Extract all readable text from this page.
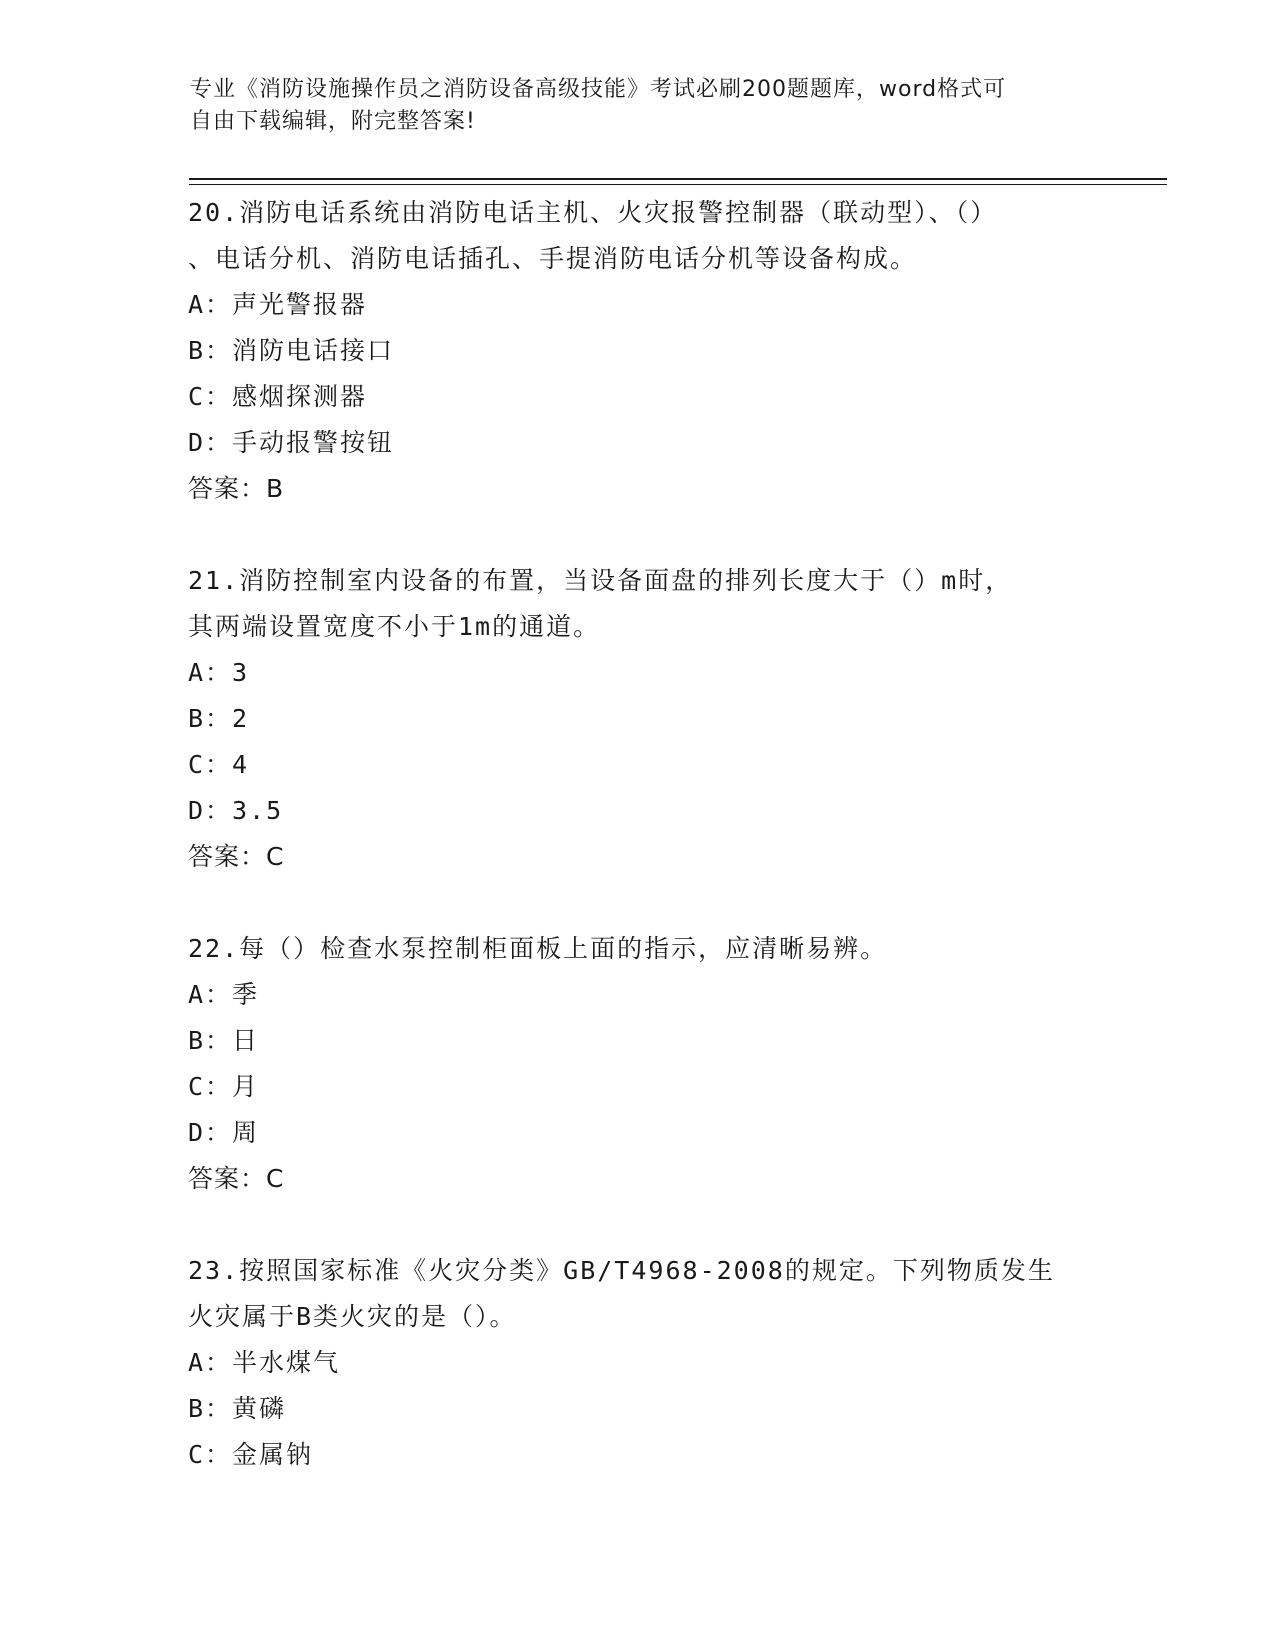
专业《消防设施操作员之消防设备高级技能》考试必刷200题题库，word格式可
自由下载编辑，附完整答案!
20.消防电话系统由消防电话主机、火灾报警控制器（联动型）、（）
、电话分机、消防电话插孔、手提消防电话分机等设备构成。
A：声光警报器
B：消防电话接口
C：感烟探测器
D：手动报警按钮
答案：B
21.消防控制室内设备的布置，当设备面盘的排列长度大于（）m时，
其两端设置宽度不小于1m的通道。
A：3
B：2
C：4
D：3.5
答案：C
22.每（）检查水泵控制柜面板上面的指示，应清晰易辨。
A：季
B：日
C：月
D：周
答案：C
23.按照国家标准《火灾分类》GB/T4968-2008的规定。下列物质发生
火灾属于B类火灾的是（）。
A：半水煤气
B：黄磷
C：金属钠
